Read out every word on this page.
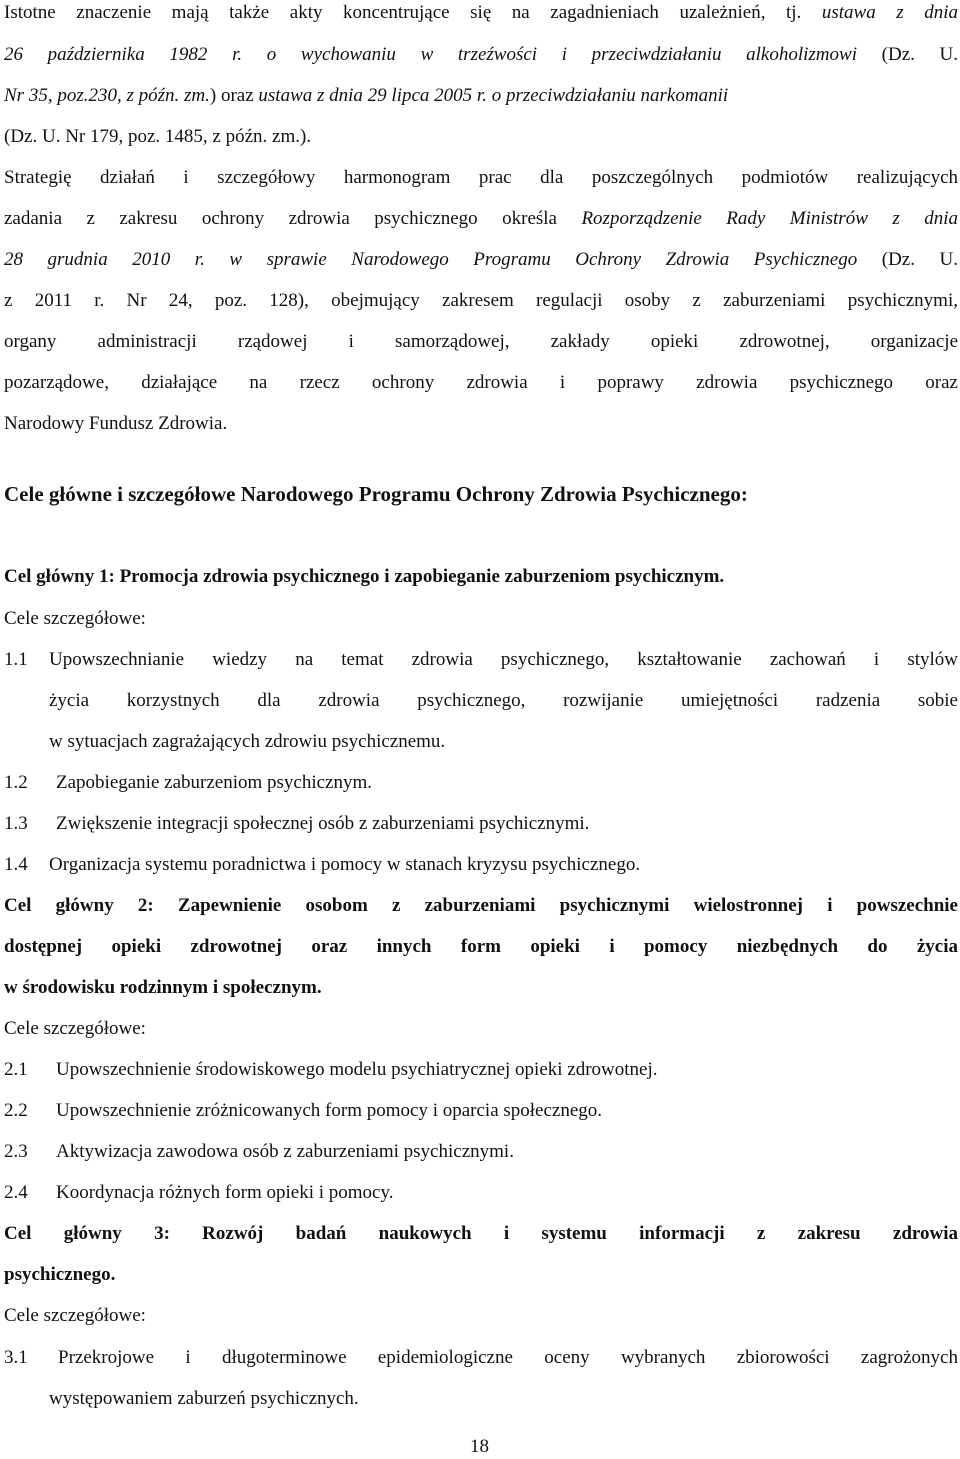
Istotne znaczenie mają także akty koncentrujące się na zagadnieniach uzależnień, tj. ustawa z dnia
26 października 1982 r. o wychowaniu w trzeźwości i przeciwdziałaniu alkoholizmowi (Dz. U.
Nr 35, poz.230, z późn. zm.) oraz ustawa z dnia 29 lipca 2005 r. o przeciwdziałaniu narkomanii
(Dz. U. Nr 179, poz. 1485, z późn. zm.).
Strategię działań i szczegółowy harmonogram prac dla poszczególnych podmiotów realizujących
zadania z zakresu ochrony zdrowia psychicznego określa Rozporządzenie Rady Ministrów z dnia
28 grudnia 2010 r. w sprawie Narodowego Programu Ochrony Zdrowia Psychicznego (Dz. U.
z 2011 r. Nr 24, poz. 128), obejmujący zakresem regulacji osoby z zaburzeniami psychicznymi,
organy administracji rządowej i samorządowej, zakłady opieki zdrowotnej, organizacje
pozarządowe, działające na rzecz ochrony zdrowia i poprawy zdrowia psychicznego oraz
Narodowy Fundusz Zdrowia.
Cele główne i szczegółowe Narodowego Programu Ochrony Zdrowia Psychicznego:
Cel główny 1: Promocja zdrowia psychicznego i zapobieganie zaburzeniom psychicznym.
Cele szczegółowe:
1.1 Upowszechnianie wiedzy na temat zdrowia psychicznego, kształtowanie zachowań i stylów
życia korzystnych dla zdrowia psychicznego, rozwijanie umiejętności radzenia sobie
w sytuacjach zagrażających zdrowiu psychicznemu.
1.2 Zapobieganie zaburzeniom psychicznym.
1.3 Zwiększenie integracji społecznej osób z zaburzeniami psychicznymi.
1.4 Organizacja systemu poradnictwa i pomocy w stanach kryzysu psychicznego.
Cel główny 2: Zapewnienie osobom z zaburzeniami psychicznymi wielostronnej i powszechnie
dostępnej opieki zdrowotnej oraz innych form opieki i pomocy niezbędnych do życia
w środowisku rodzinnym i społecznym.
Cele szczegółowe:
2.1 Upowszechnienie środowiskowego modelu psychiatrycznej opieki zdrowotnej.
2.2 Upowszechnienie zróżnicowanych form pomocy i oparcia społecznego.
2.3 Aktywizacja zawodowa osób z zaburzeniami psychicznymi.
2.4 Koordynacja różnych form opieki i pomocy.
Cel główny 3: Rozwój badań naukowych i systemu informacji z zakresu zdrowia
psychicznego.
Cele szczegółowe:
3.1 Przekrojowe i długoterminowe epidemiologiczne oceny wybranych zbiorowości zagrożonych
występowaniem zaburzeń psychicznych.
18
